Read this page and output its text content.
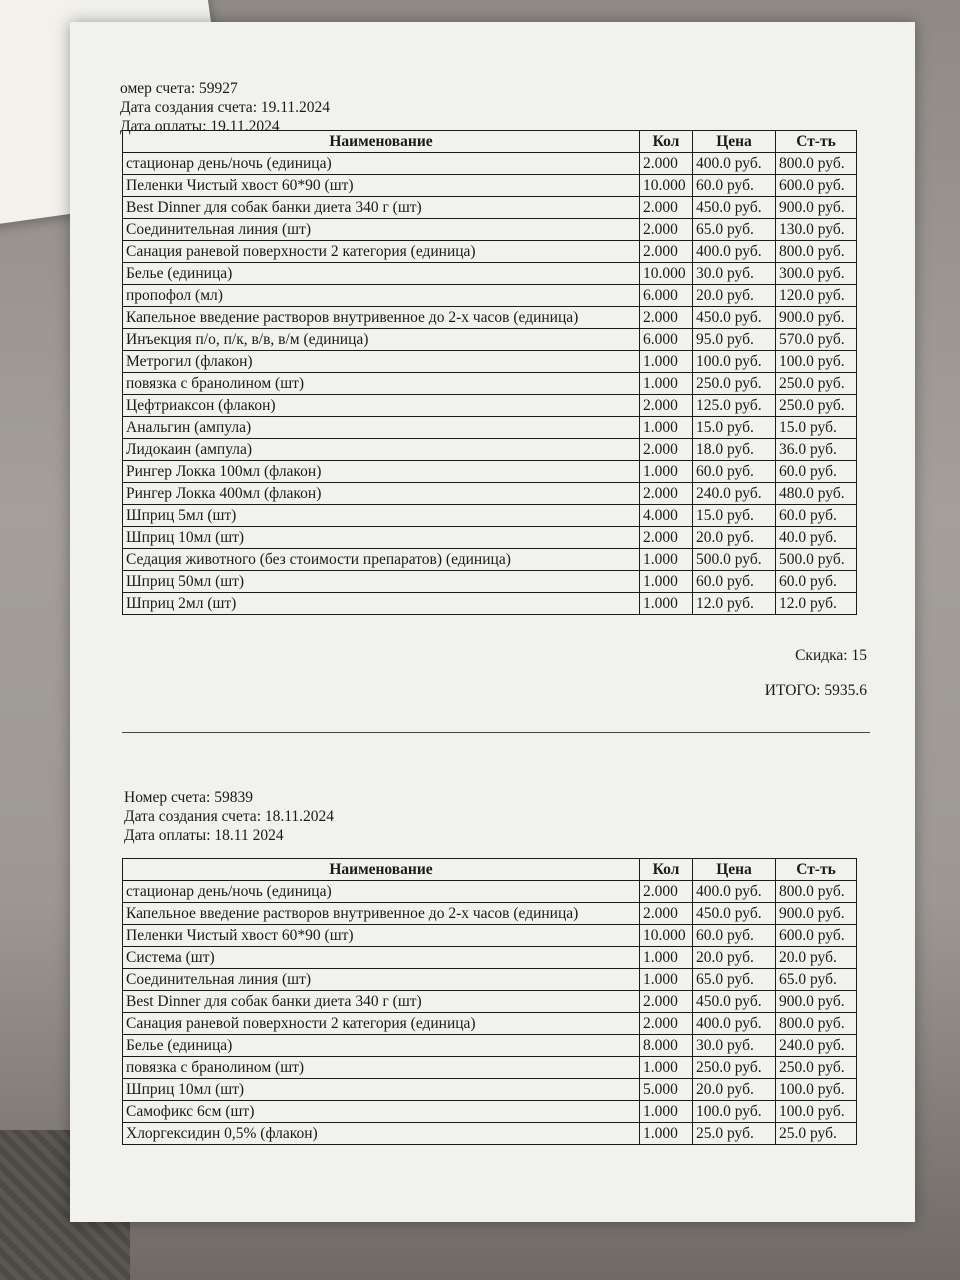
омер счета: 59927
Дата создания счета: 19.11.2024
Дата оплаты: 19.11.2024
Наименование	Кол	Цена	Ст-ть
стационар день/ночь (единица)	2.000	400.0 руб.	800.0 руб.
Пеленки Чистый хвост 60*90 (шт)	10.000	60.0 руб.	600.0 руб.
Best Dinner для собак банки диета 340 г (шт)	2.000	450.0 руб.	900.0 руб.
Соединительная линия (шт)	2.000	65.0 руб.	130.0 руб.
Санация раневой поверхности 2 категория (единица)	2.000	400.0 руб.	800.0 руб.
Белье (единица)	10.000	30.0 руб.	300.0 руб.
пропофол (мл)	6.000	20.0 руб.	120.0 руб.
Капельное введение растворов внутривенное до 2-х часов (единица)	2.000	450.0 руб.	900.0 руб.
Инъекция п/о, п/к, в/в, в/м (единица)	6.000	95.0 руб.	570.0 руб.
Метрогил (флакон)	1.000	100.0 руб.	100.0 руб.
повязка с бранолином (шт)	1.000	250.0 руб.	250.0 руб.
Цефтриаксон (флакон)	2.000	125.0 руб.	250.0 руб.
Анальгин (ампула)	1.000	15.0 руб.	15.0 руб.
Лидокаин (ампула)	2.000	18.0 руб.	36.0 руб.
Рингер Локка 100мл (флакон)	1.000	60.0 руб.	60.0 руб.
Рингер Локка 400мл (флакон)	2.000	240.0 руб.	480.0 руб.
Шприц 5мл (шт)	4.000	15.0 руб.	60.0 руб.
Шприц 10мл (шт)	2.000	20.0 руб.	40.0 руб.
Седация животного (без стоимости препаратов) (единица)	1.000	500.0 руб.	500.0 руб.
Шприц 50мл (шт)	1.000	60.0 руб.	60.0 руб.
Шприц 2мл (шт)	1.000	12.0 руб.	12.0 руб.
Скидка: 15
ИТОГО: 5935.6
Номер счета: 59839
Дата создания счета: 18.11.2024
Дата оплаты: 18.11 2024
Наименование	Кол	Цена	Ст-ть
стационар день/ночь (единица)	2.000	400.0 руб.	800.0 руб.
Капельное введение растворов внутривенное до 2-х часов (единица)	2.000	450.0 руб.	900.0 руб.
Пеленки Чистый хвост 60*90 (шт)	10.000	60.0 руб.	600.0 руб.
Система (шт)	1.000	20.0 руб.	20.0 руб.
Соединительная линия (шт)	1.000	65.0 руб.	65.0 руб.
Best Dinner для собак банки диета 340 г (шт)	2.000	450.0 руб.	900.0 руб.
Санация раневой поверхности 2 категория (единица)	2.000	400.0 руб.	800.0 руб.
Белье (единица)	8.000	30.0 руб.	240.0 руб.
повязка с бранолином (шт)	1.000	250.0 руб.	250.0 руб.
Шприц 10мл (шт)	5.000	20.0 руб.	100.0 руб.
Самофикс 6см (шт)	1.000	100.0 руб.	100.0 руб.
Хлоргексидин 0,5% (флакон)	1.000	25.0 руб.	25.0 руб.
